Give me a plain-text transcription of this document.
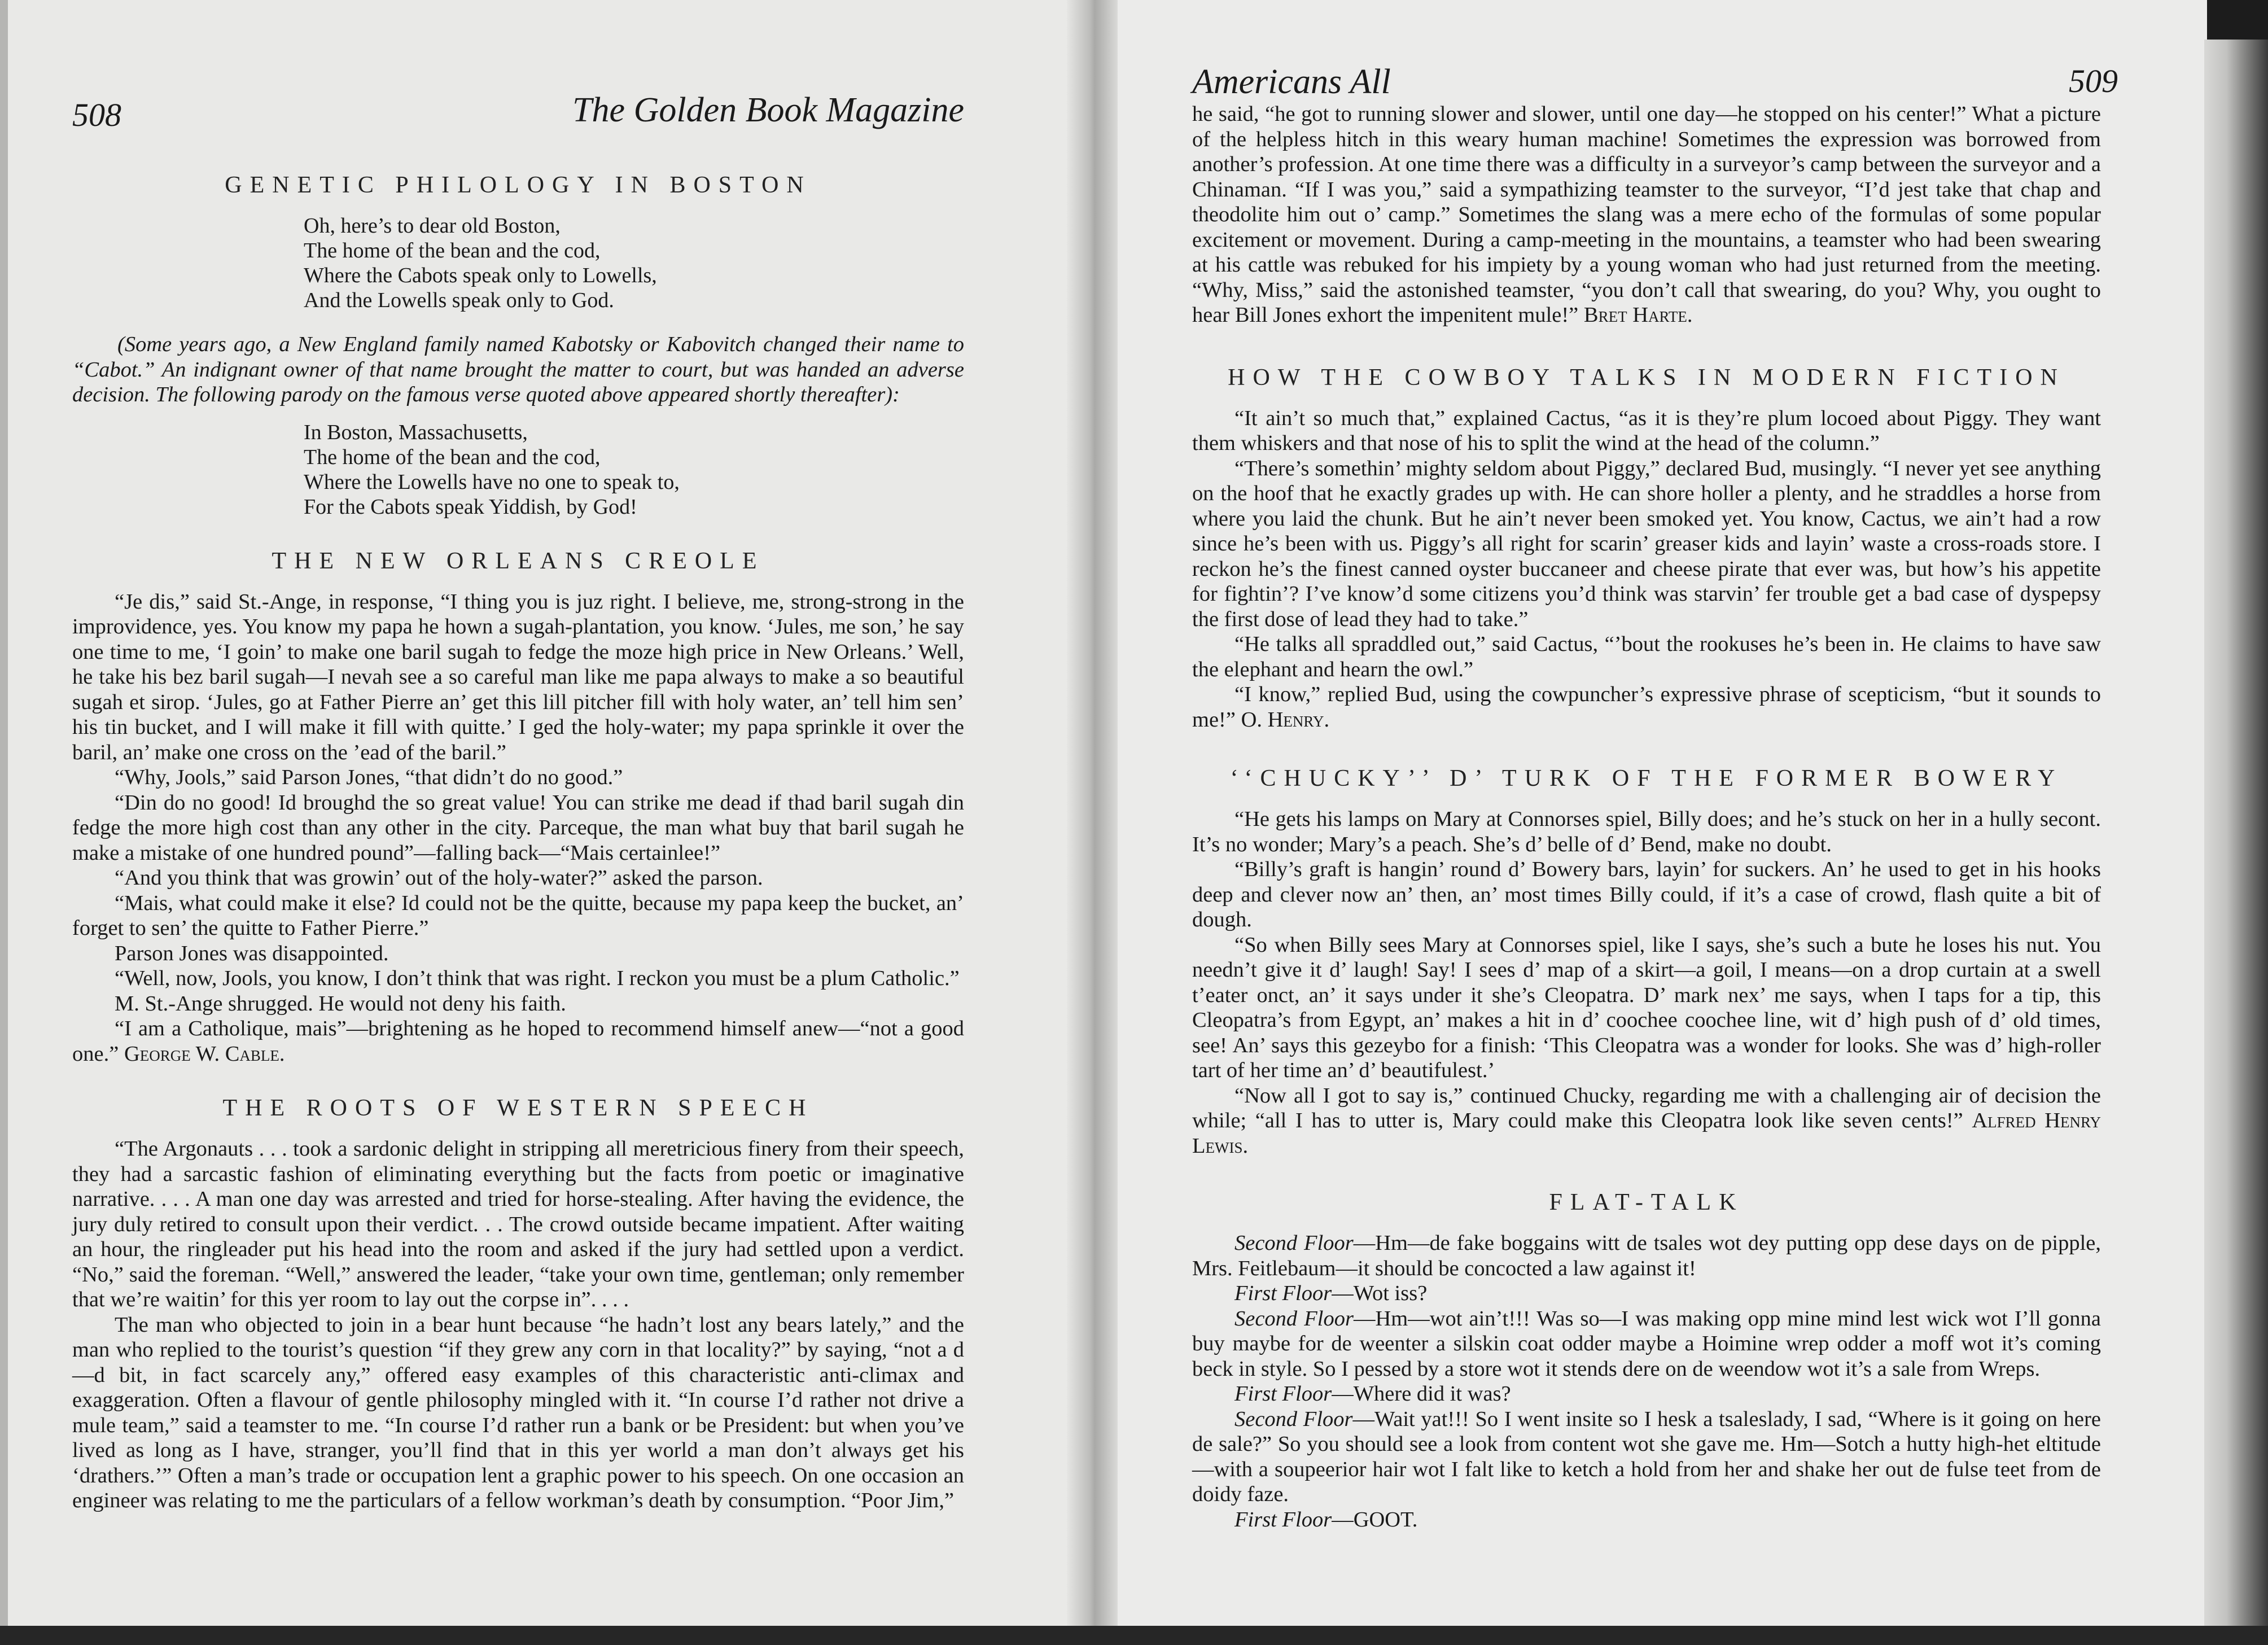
508	The Golden Book Magazine
GENETIC PHILOLOGY IN BOSTON
Oh, here’s to dear old Boston,
The home of the bean and the cod,
Where the Cabots speak only to Lowells,
And the Lowells speak only to God.

(Some years ago, a New England family named Kabotsky or Kabovitch changed their name to “Cabot.” An indignant owner of that name brought the matter to court, but was handed an adverse decision. The following parody on the famous verse quoted above appeared shortly thereafter):

In Boston, Massachusetts,
The home of the bean and the cod,
Where the Lowells have no one to speak to,
For the Cabots speak Yiddish, by God!
THE NEW ORLEANS CREOLE

“Je dis,” said St.-Ange, in response, “I thing you is juz right. I believe, me, strong-strong in the improvidence, yes. You know my papa he hown a sugah-plantation, you know. ‘Jules, me son,’ he say one time to me, ‘I goin’ to make one baril sugah to fedge the moze high price in New Orleans.’ Well, he take his bez baril sugah—I nevah see a so careful man like me papa always to make a so beautiful sugah et sirop. ‘Jules, go at Father Pierre an’ get this lill pitcher fill with holy water, an’ tell him sen’ his tin bucket, and I will make it fill with quitte.’ I ged the holy-water; my papa sprinkle it over the baril, an’ make one cross on the ’ead of the baril.”

“Why, Jools,” said Parson Jones, “that didn’t do no good.”

“Din do no good! Id broughd the so great value! You can strike me dead if thad baril sugah din fedge the more high cost than any other in the city. Parceque, the man what buy that baril sugah he make a mistake of one hundred pound”—falling back—“Mais certainlee!”

“And you think that was growin’ out of the holy-water?” asked the parson.

“Mais, what could make it else? Id could not be the quitte, because my papa keep the bucket, an’ forget to sen’ the quitte to Father Pierre.”

Parson Jones was disappointed.

“Well, now, Jools, you know, I don’t think that was right. I reckon you must be a plum Catholic.”

M. St.-Ange shrugged. He would not deny his faith.

“I am a Catholique, mais”—brightening as he hoped to recommend himself anew—“not a good one.” George W. Cable.

THE ROOTS OF WESTERN SPEECH

“The Argonauts . . . took a sardonic delight in stripping all meretricious finery from their speech, they had a sarcastic fashion of eliminating everything but the facts from poetic or imaginative narrative. . . . A man one day was arrested and tried for horse-stealing. After having the evidence, the jury duly retired to consult upon their verdict. . . The crowd outside became impatient. After waiting an hour, the ringleader put his head into the room and asked if the jury had settled upon a verdict. “No,” said the foreman. “Well,” answered the leader, “take your own time, gentleman; only remember that we’re waitin’ for this yer room to lay out the corpse in”. . . .

The man who objected to join in a bear hunt because “he hadn’t lost any bears lately,” and the man who replied to the tourist’s question “if they grew any corn in that locality?” by saying, “not a d—d bit, in fact scarcely any,” offered easy examples of this characteristic anti-climax and exaggeration. Often a flavour of gentle philosophy mingled with it. “In course I’d rather not drive a mule team,” said a teamster to me. “In course I’d rather run a bank or be President: but when you’ve lived as long as I have, stranger, you’ll find that in this yer world a man don’t always get his ‘drathers.’” Often a man’s trade or occupation lent a graphic power to his speech. On one occasion an engineer was relating to me the particulars of a fellow workman’s death by consumption. “Poor Jim,”

Americans All	509

he said, “he got to running slower and slower, until one day—he stopped on his center!” What a picture of the helpless hitch in this weary human machine! Sometimes the expression was borrowed from another’s profession. At one time there was a difficulty in a surveyor’s camp between the surveyor and a Chinaman. “If I was you,” said a sympathizing teamster to the surveyor, “I’d jest take that chap and theodolite him out o’ camp.” Sometimes the slang was a mere echo of the formulas of some popular excitement or movement. During a camp-meeting in the mountains, a teamster who had been swearing at his cattle was rebuked for his impiety by a young woman who had just returned from the meeting. “Why, Miss,” said the astonished teamster, “you don’t call that swearing, do you? Why, you ought to hear Bill Jones exhort the impenitent mule!” Bret Harte.

HOW THE COWBOY TALKS IN MODERN FICTION

“It ain’t so much that,” explained Cactus, “as it is they’re plum locoed about Piggy. They want them whiskers and that nose of his to split the wind at the head of the column.”

“There’s somethin’ mighty seldom about Piggy,” declared Bud, musingly. “I never yet see anything on the hoof that he exactly grades up with. He can shore holler a plenty, and he straddles a horse from where you laid the chunk. But he ain’t never been smoked yet. You know, Cactus, we ain’t had a row since he’s been with us. Piggy’s all right for scarin’ greaser kids and layin’ waste a cross-roads store. I reckon he’s the finest canned oyster buccaneer and cheese pirate that ever was, but how’s his appetite for fightin’? I’ve know’d some citizens you’d think was starvin’ fer trouble get a bad case of dyspepsy the first dose of lead they had to take.”

“He talks all spraddled out,” said Cactus, “’bout the rookuses he’s been in. He claims to have saw the elephant and hearn the owl.”

“I know,” replied Bud, using the cowpuncher’s expressive phrase of scepticism, “but it sounds to me!” O. Henry.

‘‘CHUCKY’’ D’ TURK OF THE FORMER BOWERY

“He gets his lamps on Mary at Connorses spiel, Billy does; and he’s stuck on her in a hully secont. It’s no wonder; Mary’s a peach. She’s d’ belle of d’ Bend, make no doubt.

“Billy’s graft is hangin’ round d’ Bowery bars, layin’ for suckers. An’ he used to get in his hooks deep and clever now an’ then, an’ most times Billy could, if it’s a case of crowd, flash quite a bit of dough.

“So when Billy sees Mary at Connorses spiel, like I says, she’s such a bute he loses his nut. You needn’t give it d’ laugh! Say! I sees d’ map of a skirt—a goil, I means—on a drop curtain at a swell t’eater onct, an’ it says under it she’s Cleopatra. D’ mark nex’ me says, when I taps for a tip, this Cleopatra’s from Egypt, an’ makes a hit in d’ coochee coochee line, wit d’ high push of d’ old times, see! An’ says this gezeybo for a finish: ‘This Cleopatra was a wonder for looks. She was d’ high-roller tart of her time an’ d’ beautifulest.’

“Now all I got to say is,” continued Chucky, regarding me with a challenging air of decision the while; “all I has to utter is, Mary could make this Cleopatra look like seven cents!” Alfred Henry Lewis.

FLAT-TALK

Second Floor—Hm—de fake boggains witt de tsales wot dey putting opp dese days on de pipple, Mrs. Feitlebaum—it should be concocted a law against it!

First Floor—Wot iss?

Second Floor—Hm—wot ain’t!!! Was so—I was making opp mine mind lest wick wot I’ll gonna buy maybe for de weenter a silskin coat odder maybe a Hoimine wrep odder a moff wot it’s coming beck in style. So I pessed by a store wot it stends dere on de weendow wot it’s a sale from Wreps.

First Floor—Where did it was?

Second Floor—Wait yat!!! So I went insite so I hesk a tsaleslady, I sad, “Where is it going on here de sale?” So you should see a look from content wot she gave me. Hm—Sotch a hutty high-het eltitude—with a soupeerior hair wot I falt like to ketch a hold from her and shake her out de fulse teet from de doidy faze.

First Floor—GOOT.
